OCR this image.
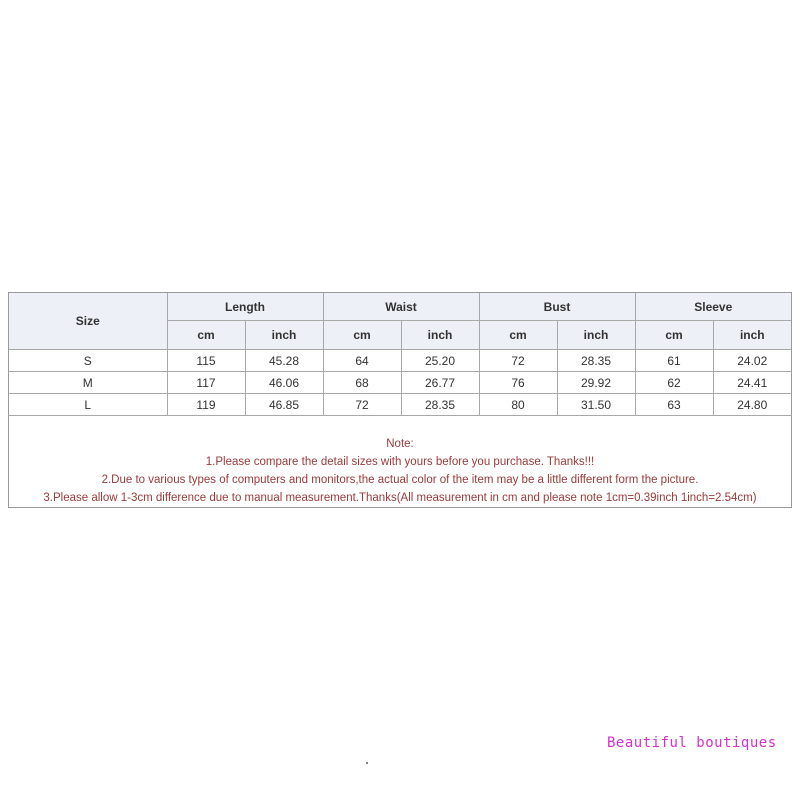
Size	Length		Waist		Bust		Sleeve	
	cm	inch	cm	inch	cm	inch	cm	inch
S	115	45.28	64	25.20	72	28.35	61	24.02
M	117	46.06	68	26.77	76	29.92	62	24.41
L	119	46.85	72	28.35	80	31.50	63	24.80
Note:
1.Please compare the detail sizes with yours before you purchase. Thanks!!!
2.Due to various types of computers and monitors,the actual color of the item may be a little different form the picture.
3.Please allow 1-3cm difference due to manual measurement.Thanks(All measurement in cm and please note 1cm=0.39inch 1inch=2.54cm)
Beautiful boutiques
